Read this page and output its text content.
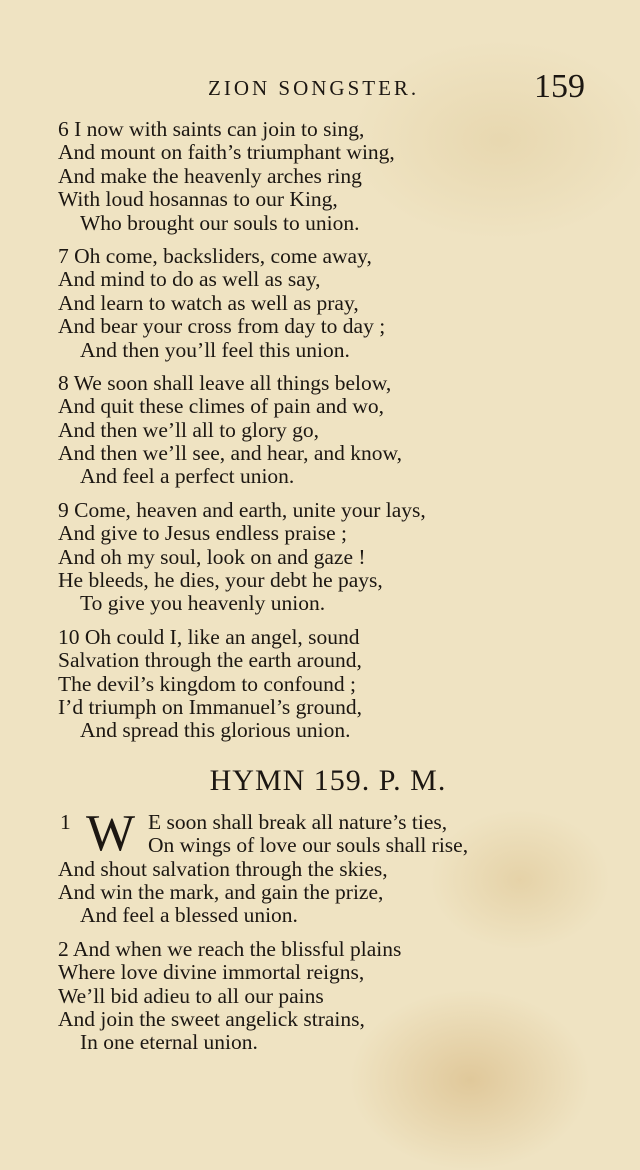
ZION SONGSTER.	159
6 I now with saints can join to sing,
And mount on faith’s triumphant wing,
And make the heavenly arches ring
With loud hosannas to our King,
Who brought our souls to union.
7 Oh come, backsliders, come away,
And mind to do as well as say,
And learn to watch as well as pray,
And bear your cross from day to day ;
And then you’ll feel this union.
8 We soon shall leave all things below,
And quit these climes of pain and wo,
And then we’ll all to glory go,
And then we’ll see, and hear, and know,
And feel a perfect union.
9 Come, heaven and earth, unite your lays,
And give to Jesus endless praise ;
And oh my soul, look on and gaze !
He bleeds, he dies, your debt he pays,
To give you heavenly union.
10 Oh could I, like an angel, sound
Salvation through the earth around,
The devil’s kingdom to confound ;
I’d triumph on Immanuel’s ground,
And spread this glorious union.
HYMN 159. P. M.
1 W E soon shall break all nature’s ties,
On wings of love our souls shall rise,
And shout salvation through the skies,
And win the mark, and gain the prize,
And feel a blessed union.
2 And when we reach the blissful plains
Where love divine immortal reigns,
We’ll bid adieu to all our pains
And join the sweet angelick strains,
In one eternal union.
